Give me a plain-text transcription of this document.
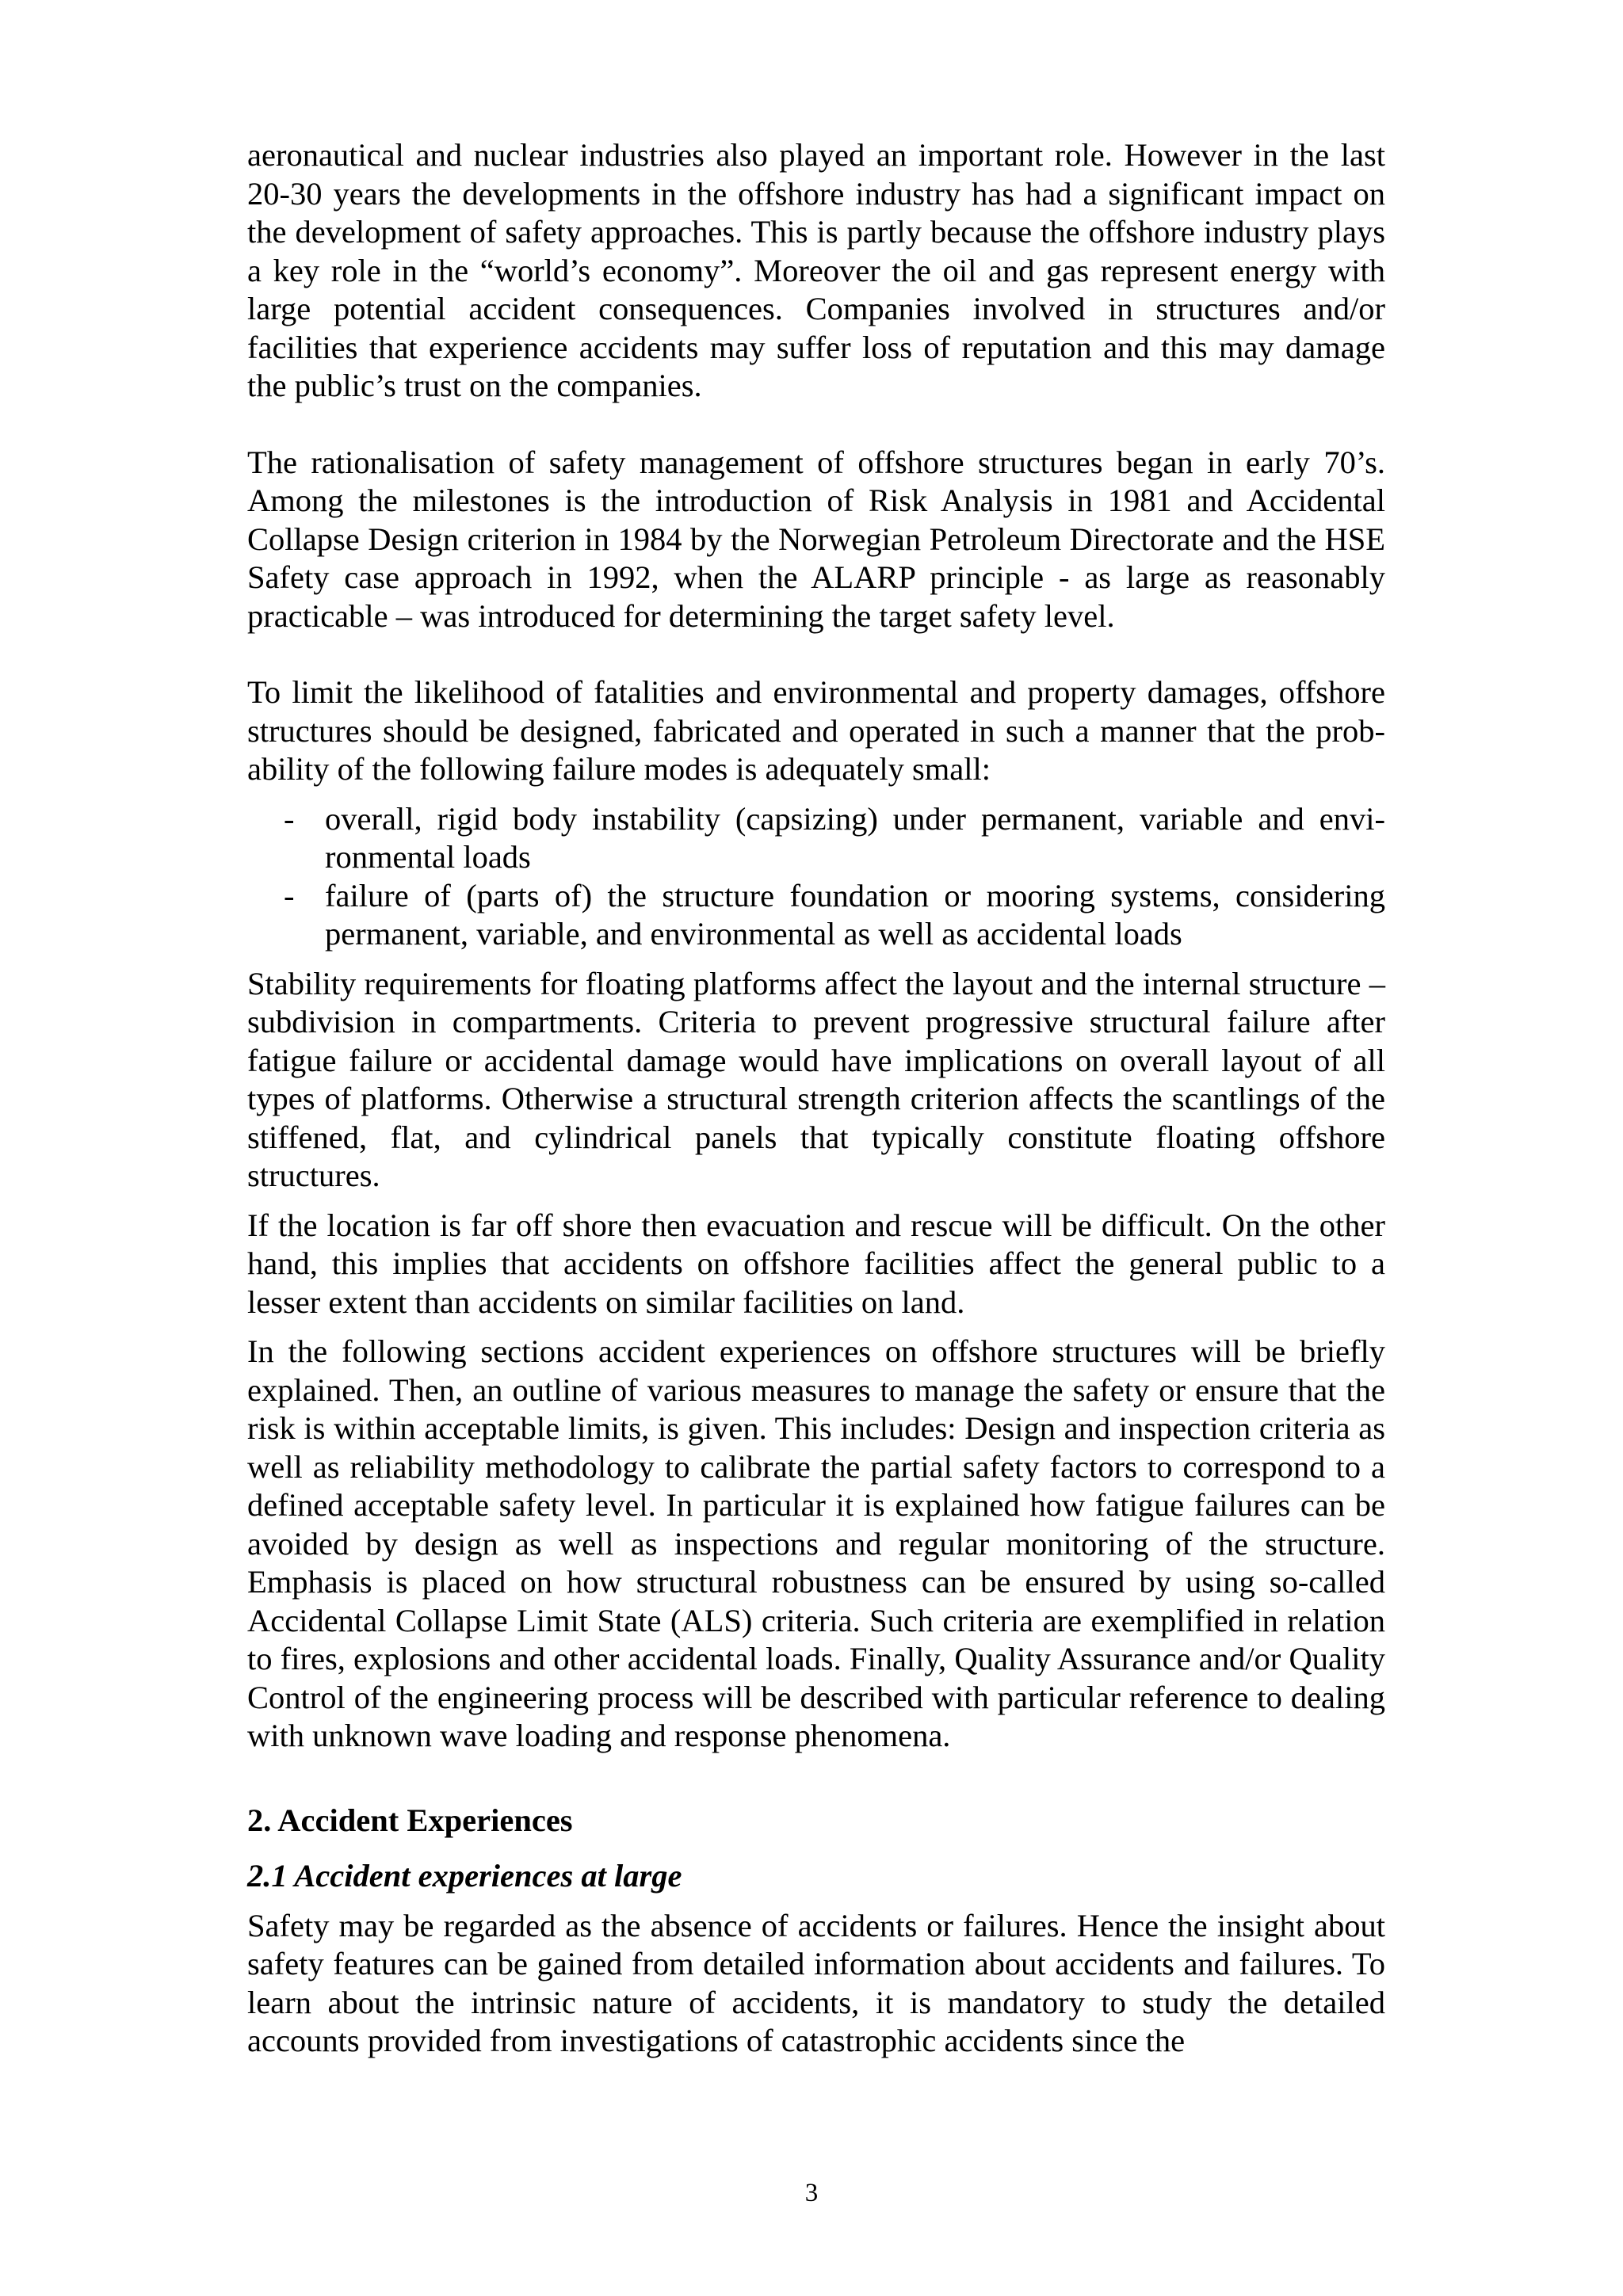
aeronautical and nuclear industries also played an important role. However in the last 20-30 years the developments in the offshore industry has had a significant impact on the development of safety approaches. This is partly because the offshore industry plays a key role in the “world’s economy”. Moreover the oil and gas represent energy with large potential accident consequences. Companies involved in structures and/or facilities that experience accidents may suffer loss of reputation and this may damage the public’s trust on the companies.

The rationalisation of safety management of offshore structures began in early 70’s. Among the milestones is the introduction of Risk Analysis in 1981 and Accidental Collapse Design criterion in 1984 by the Norwegian Petroleum Directorate and the HSE Safety case approach in 1992, when the ALARP principle - as large as reasonably practicable – was introduced for determining the target safety level.

To limit the likelihood of fatalities and environmental and property damages, offshore structures should be designed, fabricated and operated in such a manner that the probability of the following failure modes is adequately small:

- overall, rigid body instability (capsizing) under permanent, variable and environmental loads
- failure of (parts of) the structure foundation or mooring systems, considering permanent, variable, and environmental as well as accidental loads

Stability requirements for floating platforms affect the layout and the internal structure – subdivision in compartments. Criteria to prevent progressive structural failure after fatigue failure or accidental damage would have implications on overall layout of all types of platforms. Otherwise a structural strength criterion affects the scantlings of the stiffened, flat, and cylindrical panels that typically constitute floating offshore structures.

If the location is far off shore then evacuation and rescue will be difficult. On the other hand, this implies that accidents on offshore facilities affect the general public to a lesser extent than accidents on similar facilities on land.

In the following sections accident experiences on offshore structures will be briefly explained. Then, an outline of various measures to manage the safety or ensure that the risk is within acceptable limits, is given. This includes: Design and inspection criteria as well as reliability methodology to calibrate the partial safety factors to correspond to a defined acceptable safety level. In particular it is explained how fatigue failures can be avoided by design as well as inspections and regular monitoring of the structure. Emphasis is placed on how structural robustness can be ensured by using so-called Accidental Collapse Limit State (ALS) criteria. Such criteria are exemplified in relation to fires, explosions and other accidental loads. Finally, Quality Assurance and/or Quality Control of the engineering process will be described with particular reference to dealing with unknown wave loading and response phenomena.

2. Accident Experiences
2.1 Accident experiences at large

Safety may be regarded as the absence of accidents or failures. Hence the insight about safety features can be gained from detailed information about accidents and failures. To learn about the intrinsic nature of accidents, it is mandatory to study the detailed accounts provided from investigations of catastrophic accidents since the

3
